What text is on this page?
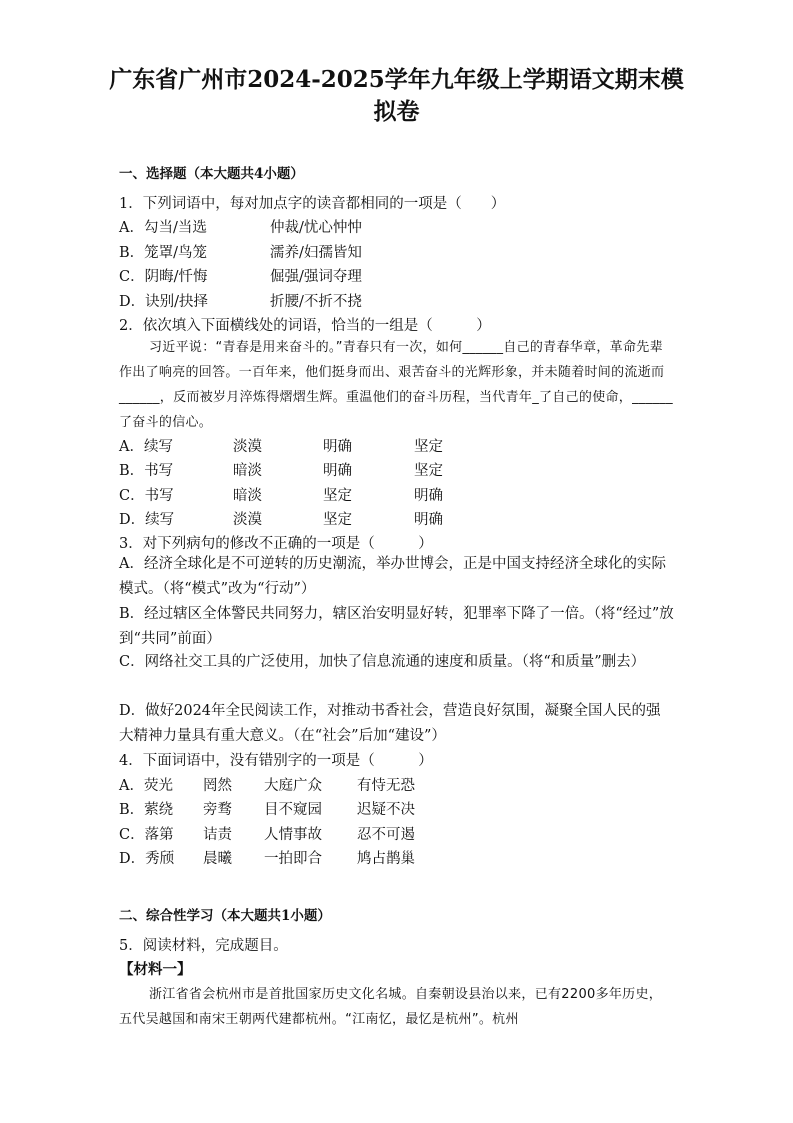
广东省广州市2024-2025学年九年级上学期语文期末模拟卷
一、选择题（本大题共4小题）
1．下列词语中，每对加点字的读音都相同的一项是（　　）
A．勾当/当选	仲裁/忧心忡忡
B．笼罩/鸟笼	濡养/妇孺皆知
C．阴晦/忏悔	倔强/强词夺理
D．诀别/抉择	折腰/不折不挠
2．依次填入下面横线处的词语，恰当的一组是（　　　）
习近平说：“青春是用来奋斗的。”青春只有一次，如何______自己的青春华章，革命先辈作出了响亮的回答。一百年来，他们挺身而出、艰苦奋斗的光辉形象，并未随着时间的流逝而______，反而被岁月淬炼得熠熠生辉。重温他们的奋斗历程，当代青年_了自己的使命，______了奋斗的信心。
A．续写	淡漠	明确	坚定
B．书写	暗淡	明确	坚定
C．书写	暗淡	坚定	明确
D．续写	淡漠	坚定	明确
3．对下列病句的修改不正确的一项是（　　　）
A．经济全球化是不可逆转的历史潮流，举办世博会，正是中国支持经济全球化的实际模式。（将“模式”改为“行动”）
B．经过辖区全体警民共同努力，辖区治安明显好转，犯罪率下降了一倍。（将“经过”放到“共同”前面）
C．网络社交工具的广泛使用，加快了信息流通的速度和质量。（将“和质量”删去）
D．做好2024年全民阅读工作，对推动书香社会，营造良好氛围，凝聚全国人民的强大精神力量具有重大意义。（在“社会”后加“建设”）
4．下面词语中，没有错别字的一项是（　　　）
A．荧光 罔然 大庭广众 有恃无恐
B．萦绕 旁骛 目不窥园 迟疑不决
C．落第 诘责 人情事故 忍不可遏
D．秀颀 晨曦 一拍即合 鸠占鹊巢
二、综合性学习（本大题共1小题）
5．阅读材料，完成题目。
【材料一】
浙江省省会杭州市是首批国家历史文化名城。自秦朝设县治以来，已有2200多年历史，五代吴越国和南宋王朝两代建都杭州。“江南忆，最忆是杭州”。杭州
